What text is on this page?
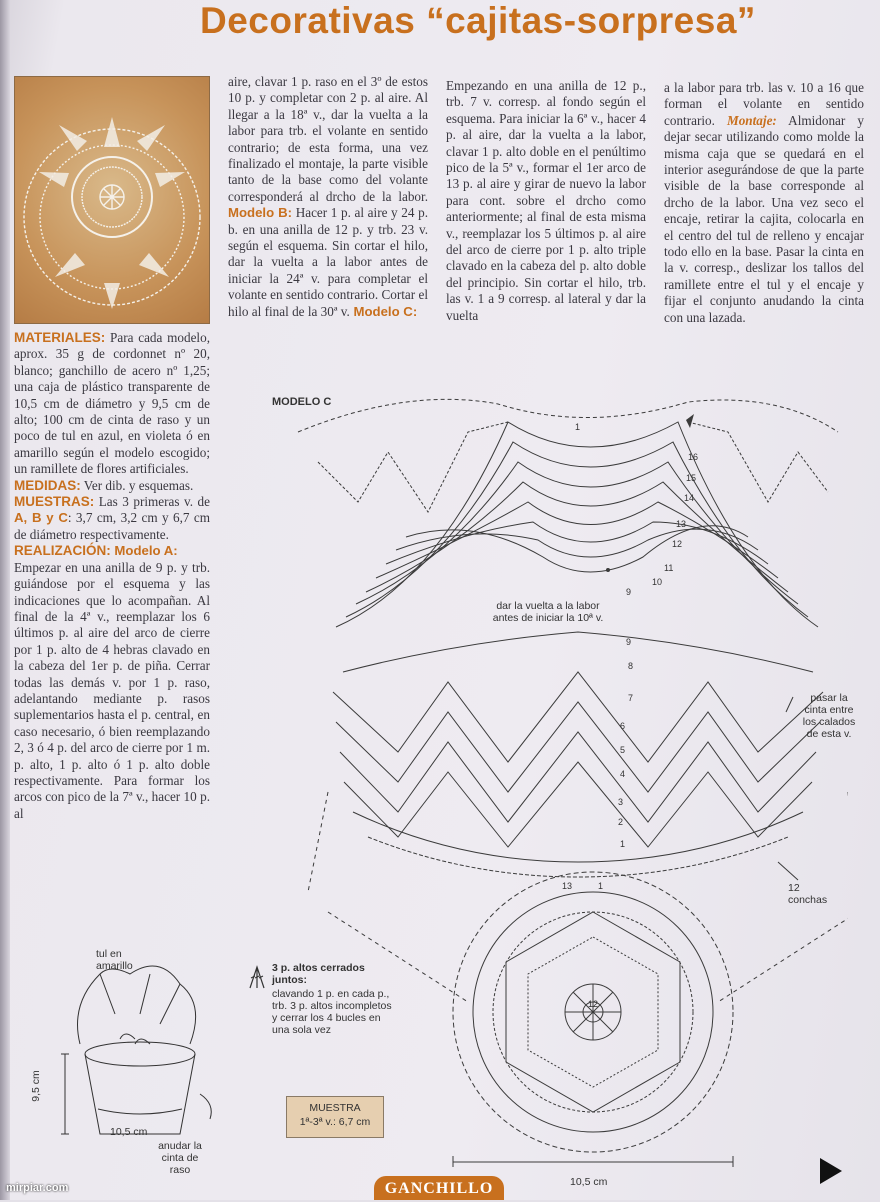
Decorativas “cajitas-sorpresa”

MATERIALES: Para cada modelo, aprox. 35 g de cordonnet nº 20, blanco; ganchillo de acero nº 1,25; una caja de plástico transparente de 10,5 cm de diámetro y 9,5 cm de alto; 100 cm de cinta de raso y un poco de tul en azul, en violeta ó en amarillo según el modelo escogido; un ramillete de flores artificiales.

MEDIDAS: Ver dib. y esquemas.

MUESTRAS: Las 3 primeras v. de A, B y C: 3,7 cm, 3,2 cm y 6,7 cm de diámetro respectivamente.

REALIZACIÓN: Modelo A:

Empezar en una anilla de 9 p. y trb. guiándose por el esquema y las indicaciones que lo acompañan. Al final de la 4ª v., reemplazar los 6 últimos p. al aire del arco de cierre por 1 p. alto de 4 hebras clavado en la cabeza del 1er p. de piña. Cerrar todas las demás v. por 1 p. raso, adelantando mediante p. rasos suplementarios hasta el p. central, en caso necesario, ó bien reemplazando 2, 3 ó 4 p. del arco de cierre por 1 m. p. alto, 1 p. alto ó 1 p. alto doble respectivamente. Para formar los arcos con pico de la 7ª v., hacer 10 p. al

aire, clavar 1 p. raso en el 3º de estos 10 p. y completar con 2 p. al aire. Al llegar a la 18ª v., dar la vuelta a la labor para trb. el volante en sentido contrario; de esta forma, una vez finalizado el montaje, la parte visible tanto de la base como del volante corresponderá al drcho de la labor. Modelo B: Hacer 1 p. al aire y 24 p. b. en una anilla de 12 p. y trb. 23 v. según el esquema. Sin cortar el hilo, dar la vuelta a la labor antes de iniciar la 24ª v. para completar el volante en sentido contrario. Cortar el hilo al final de la 30ª v. Modelo C:

Empezando en una anilla de 12 p., trb. 7 v. corresp. al fondo según el esquema. Para iniciar la 6ª v., hacer 4 p. al aire, dar la vuelta a la labor, clavar 1 p. alto doble en el penúltimo pico de la 5ª v., formar el 1er arco de 13 p. al aire y girar de nuevo la labor para cont. sobre el drcho como anteriormente; al final de esta misma v., reemplazar los 5 últimos p. al aire del arco de cierre por 1 p. alto triple clavado en la cabeza del p. alto doble del principio. Sin cortar el hilo, trb. las v. 1 a 9 corresp. al lateral y dar la vuelta

a la labor para trb. las v. 10 a 16 que forman el volante en sentido contrario. Montaje: Almidonar y dejar secar utilizando como molde la misma caja que se quedará en el interior asegurándose de que la parte visible de la base corresponde al drcho de la labor. Una vez seco el encaje, retirar la cajita, colocarla en el centro del tul de relleno y encajar todo ello en la base. Pasar la cinta en la v. corresp., deslizar los tallos del ramillete entre el tul y el encaje y fijar el conjunto anudando la cinta con una lazada.

MODELO C
dar la vuelta a la labor antes de iniciar la 10ª v.
pasar la cinta entre los calados de esta v.
12 conchas
1
16
15
14
13
12
11
10
9
9
8
7
6
5
4
3
2
1
1
13
12
3 p. altos cerrados juntos:
clavando 1 p. en cada p., trb. 3 p. altos incompletos y cerrar los 4 bucles en una sola vez
MUESTRA
1ª-3ª v.: 6,7 cm
10,5 cm
tul en amarillo
9,5 cm
10,5 cm
anudar la cinta de raso
GANCHILLO
mirpiar.com
